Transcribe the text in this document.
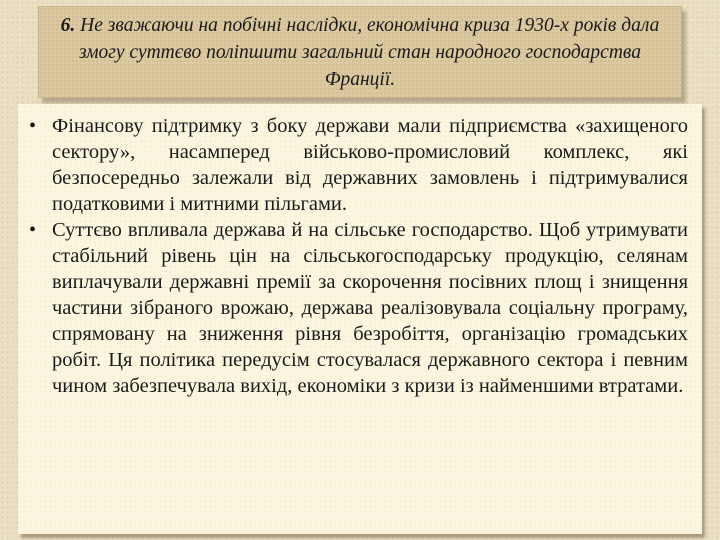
6. Не зважаючи на побічні наслідки, економічна криза 1930-х років дала змогу суттєво поліпшити загальний стан народного господарства Франції.

• Фінансову підтримку з боку держави мали підприємства «захищеного сектору», насамперед військово-промисловий комплекс, які безпосередньо залежали від державних замовлень і підтримувалися податковими і митними пільгами.
• Суттєво впливала держава й на сільське господарство. Щоб утримувати стабільний рівень цін на сільськогосподарську продукцію, селянам виплачували державні премії за скорочення посівних площ і знищення частини зібраного врожаю, держава реалізовувала соціальну програму, спрямовану на зниження рівня безробіття, організацію громадських робіт. Ця політика передусім стосувалася державного сектора і певним чином забезпечувала вихід, економіки з кризи із найменшими втратами.
